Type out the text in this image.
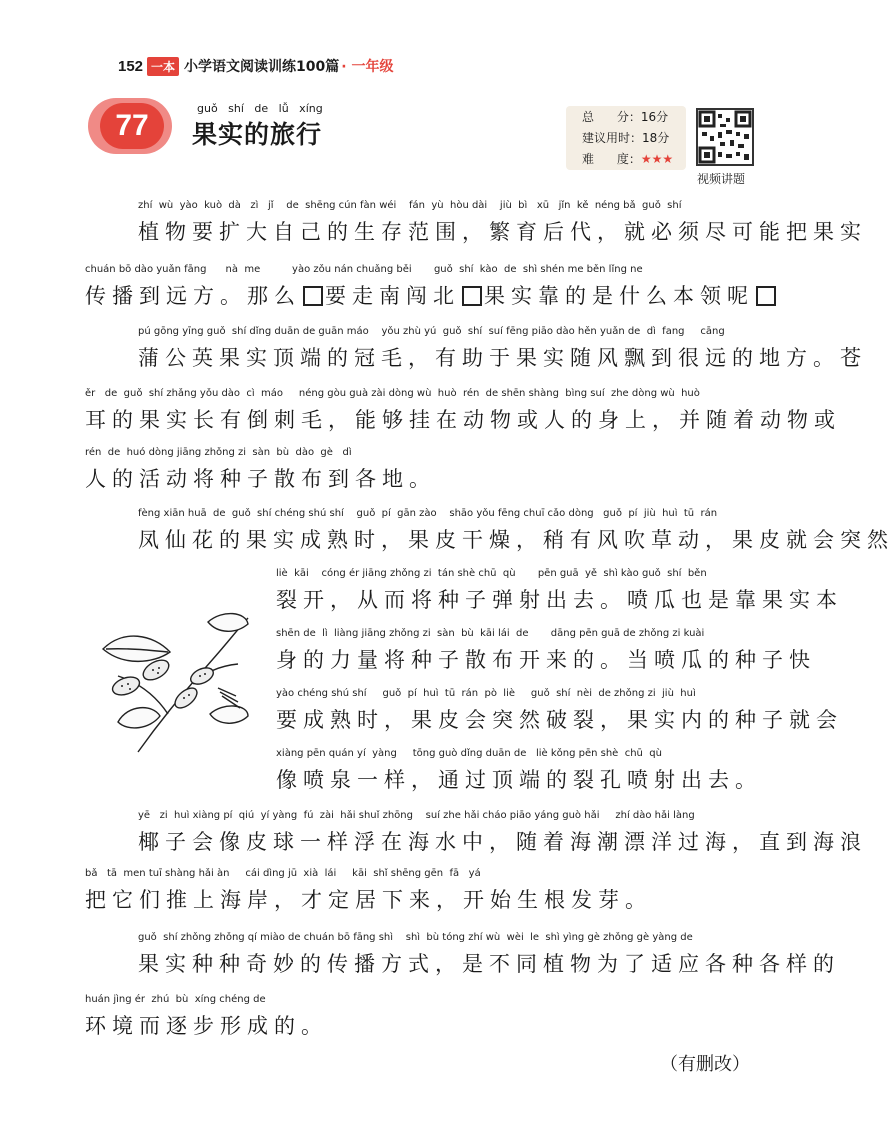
152 一本 小学语文阅读训练100篇 · 一年级
77
guǒ   shí   de   lǚ   xíng
果实的旅行
总      分：16分
建议用时：18分
难      度：★★★
视频讲题
zhí  wù  yào  kuò  dà   zì   jǐ    de  shēng cún fàn wéi    fán  yù  hòu dài    jiù  bì   xū   jǐn  kě  néng bǎ  guǒ  shí
植物要扩大自己的生存范围，繁育后代，就必须尽可能把果实
chuán bō dào yuǎn fāng      nà  me          yào zǒu nán chuǎng běi       guǒ  shí  kào  de  shì shén me běn lǐng ne
传播到远方。那么 要走南闯北 果实靠的是什么本领呢
pú gōng yīng guǒ  shí dǐng duān de guān máo    yǒu zhù yú  guǒ  shí  suí fēng piāo dào hěn yuǎn de  dì  fang     cāng
蒲公英果实顶端的冠毛，有助于果实随风飘到很远的地方。苍
ěr   de  guǒ  shí zhǎng yǒu dào  cì  máo     néng gòu guà zài dòng wù  huò  rén  de shēn shàng  bìng suí  zhe dòng wù  huò
耳的果实长有倒刺毛，能够挂在动物或人的身上，并随着动物或
rén  de  huó dòng jiāng zhǒng zi  sàn  bù  dào  gè   dì
人的活动将种子散布到各地。
fèng xiān huā  de  guǒ  shí chéng shú shí    guǒ  pí  gān zào    shāo yǒu fēng chuī cǎo dòng   guǒ  pí  jiù  huì  tū  rán
凤仙花的果实成熟时，果皮干燥，稍有风吹草动，果皮就会突然
liè  kāi    cóng ér jiāng zhǒng zi  tán shè chū  qù       pēn guā  yě  shì kào guǒ  shí  běn
裂开，从而将种子弹射出去。喷瓜也是靠果实本
shēn de  lì  liàng jiāng zhǒng zi  sàn  bù  kāi lái  de       dāng pēn guā de zhǒng zi kuài
身的力量将种子散布开来的。当喷瓜的种子快
yào chéng shú shí     guǒ  pí  huì  tū  rán  pò  liè     guǒ  shí  nèi  de zhǒng zi  jiù  huì
要成熟时，果皮会突然破裂，果实内的种子就会
xiàng pēn quán yí  yàng     tōng guò dǐng duān de   liè kǒng pēn shè  chū  qù
像喷泉一样，通过顶端的裂孔喷射出去。
yē   zi  huì xiàng pí  qiú  yí yàng  fú  zài  hǎi shuǐ zhōng    suí zhe hǎi cháo piāo yáng guò hǎi     zhí dào hǎi làng
椰子会像皮球一样浮在海水中，随着海潮漂洋过海，直到海浪
bǎ   tā  men tuī shàng hǎi àn     cái dìng jū  xià  lái     kāi  shǐ shēng gēn  fā   yá
把它们推上海岸，才定居下来，开始生根发芽。
guǒ  shí zhǒng zhǒng qí miào de chuán bō fāng shì    shì  bù tóng zhí wù  wèi  le  shì yìng gè zhǒng gè yàng de
果实种种奇妙的传播方式，是不同植物为了适应各种各样的
huán jìng ér  zhú  bù  xíng chéng de
环境而逐步形成的。
（有删改）
